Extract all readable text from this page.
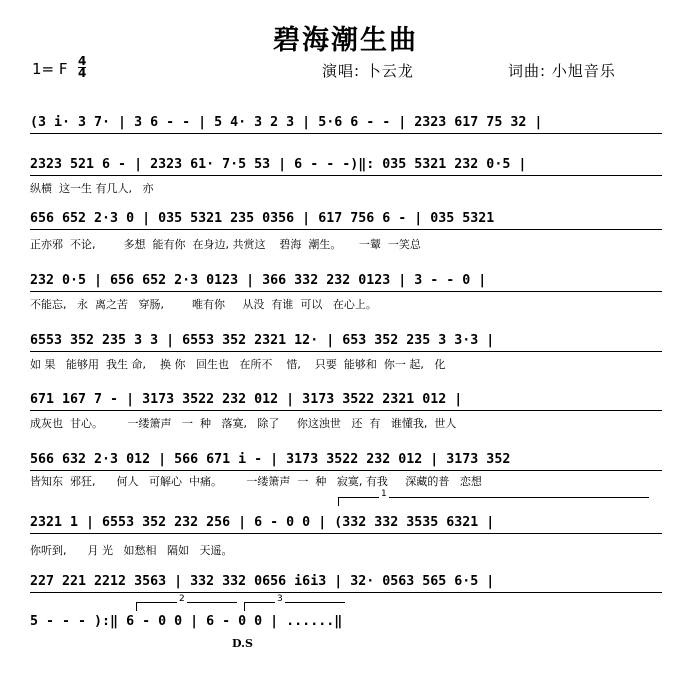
碧海潮生曲
1= F 4
4	演唱: 卜云龙	词曲: 小旭音乐
(3 i· 3 7· | 3 6 - - | 5 4· 3 2 3 | 5·6 6 - - | 2323 617 75 32 |
2323 521 6 - | 2323 61· 7·5 53 | 6 - - -)‖: 035 5321 232 0·5 |
纵横  这一生 有几人,   亦
656 652 2·3 0 | 035 5321 235 0356 | 617 756 6 - | 035 5321
正亦邪  不论,        多想  能有你  在身边, 共赏这    碧海  潮生。     一颦  一笑总
232 0·5 | 656 652 2·3 0123 | 366 332 232 0123 | 3 - - 0 |
不能忘,   永  离之苦   穿肠,        唯有你     从没  有谁  可以   在心上。
6553 352 235 3 3 | 6553 352 2321 12· | 653 352 235 3 3·3 |
如 果   能够用  我生 命,    换 你   回生也   在所不    惜,    只要  能够和  你一 起,   化
671 167 7 - | 3173 3522 232 012 | 3173 3522 2321 012 |
成灰也  甘心。       一缕箫声   一  种   落寞,   除了     你这浊世   还  有   谁懂我,  世人
566 632 2·3 012 | 566 671 i - | 3173 3522 232 012 | 3173 352
皆知东  邪狂,      何人   可解心  中痛。       一缕箫声  一  种   寂寞, 有我     深藏的普   恋想
1
2321 1 | 6553 352 232 256 | 6 - 0 0 | (332 332 3535 6321 |
你听到,      月 光   如愁相   隔如   天遥。
227 221 2212 3563 | 332 332 0656 i6i3 | 32· 0563 565 6·5 |
2	3
5 - - - ):‖ 6 - 0 0 | 6 - 0 0 | ......‖
D.S
